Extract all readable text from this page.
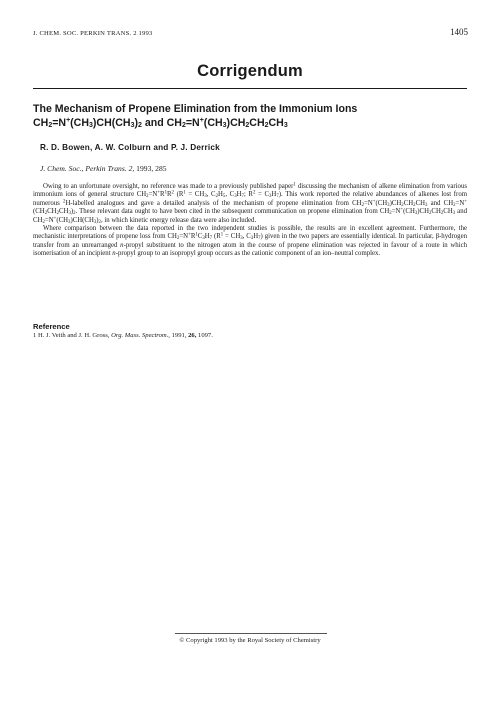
J. CHEM. SOC. PERKIN TRANS. 2 1993	1405
Corrigendum
The Mechanism of Propene Elimination from the Immonium Ions
$CH_2=N^+(CH_3)CH(CH_3)_2$ and $CH_2=N^+(CH_3)CH_2CH_2CH_3$
R. D. Bowen, A. W. Colburn and P. J. Derrick
J. Chem. Soc., Perkin Trans. 2, 1993, 285

Owing to an unfortunate oversight, no reference was made to a previously published paper$^1$ discussing the mechanism of alkene elimination from various immonium ions of general structure $CH_2=N^+R^1R^2$ ($R^1 = CH_3$, $C_2H_5$, $C_3H_7$; $R^2 = C_3H_7$). This work reported the relative abundances of alkenes lost from numerous $^2$H-labelled analogues and gave a detailed analysis of the mechanism of propene elimination from $CH_2=N^+(CH_3)CH_2CH_2CH_3$ and $CH_2=N^+(CH_2CH_2CH_3)_2$. These relevant data ought to have been cited in the subsequent communication on propene elimination from $CH_2=N^+(CH_3)CH_2CH_2CH_3$ and $CH_2=N^+(CH_3)CH(CH_3)_2$, in which kinetic energy release data were also included.

Where comparison between the data reported in the two independent studies is possible, the results are in excellent agreement. Furthermore, the mechanistic interpretations of propene loss from $CH_2=N^+R^1C_3H_7$ ($R^1 = CH_3$, $C_3H_7$) given in the two papers are essentially identical. In particular, β-hydrogen transfer from an unrearranged n-propyl substituent to the nitrogen atom in the course of propene elimination was rejected in favour of a route in which isomerisation of an incipient n-propyl group to an isopropyl group occurs as the cationic component of an ion–neutral complex.

Reference
1 H. J. Veith and J. H. Gross, Org. Mass. Spectrom., 1991, 26, 1097.
© Copyright 1993 by the Royal Society of Chemistry
